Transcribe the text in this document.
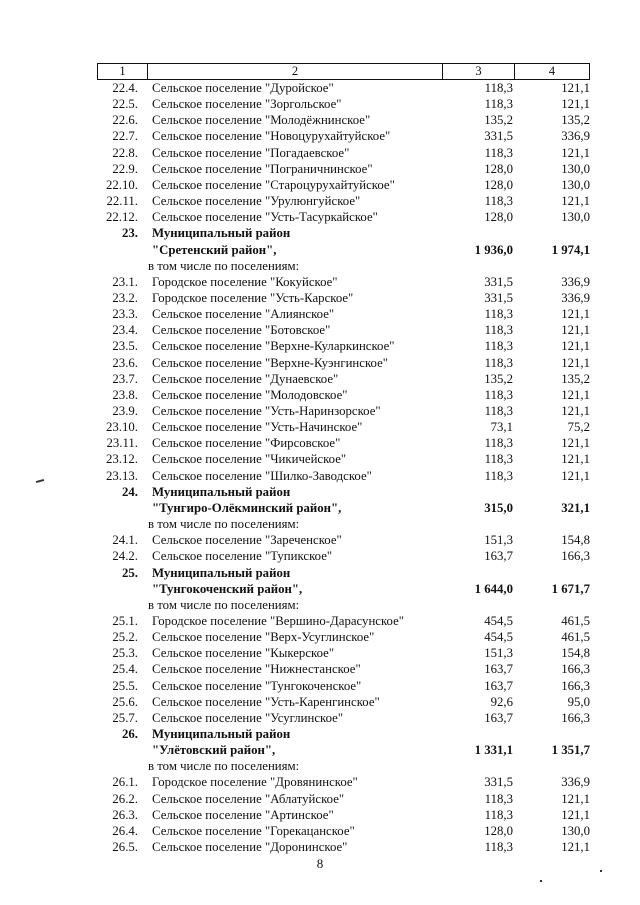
1	2	3	4
22.4. Сельское поселение "Дуройское"	118,3	121,1
22.5. Сельское поселение "Зоргольское"	118,3	121,1
22.6. Сельское поселение "Молодёжнинское"	135,2	135,2
22.7. Сельское поселение "Новоцурухайтуйское"	331,5	336,9
22.8. Сельское поселение "Погадаевское"	118,3	121,1
22.9. Сельское поселение "Пограничнинское"	128,0	130,0
22.10. Сельское поселение "Староцурухайтуйское"	128,0	130,0
22.11. Сельское поселение "Урулюнгуйское"	118,3	121,1
22.12. Сельское поселение "Усть-Тасуркайское"	128,0	130,0
23. Муниципальный район
"Сретенский район",	1 936,0	1 974,1
в том числе по поселениям:
23.1. Городское поселение "Кокуйское"	331,5	336,9
23.2. Городское поселение "Усть-Карское"	331,5	336,9
23.3. Сельское поселение "Алиянское"	118,3	121,1
23.4. Сельское поселение "Ботовское"	118,3	121,1
23.5. Сельское поселение "Верхне-Куларкинское"	118,3	121,1
23.6. Сельское поселение "Верхне-Куэнгинское"	118,3	121,1
23.7. Сельское поселение "Дунаевское"	135,2	135,2
23.8. Сельское поселение "Молодовское"	118,3	121,1
23.9. Сельское поселение "Усть-Наринзорское"	118,3	121,1
23.10. Сельское поселение "Усть-Начинское"	73,1	75,2
23.11. Сельское поселение "Фирсовское"	118,3	121,1
23.12. Сельское поселение "Чикичейское"	118,3	121,1
23.13. Сельское поселение "Шилко-Заводское"	118,3	121,1
24. Муниципальный район
"Тунгиро-Олёкминский район",	315,0	321,1
в том числе по поселениям:
24.1. Сельское поселение "Зареченское"	151,3	154,8
24.2. Сельское поселение "Тупикское"	163,7	166,3
25. Муниципальный район
"Тунгокоченский район",	1 644,0	1 671,7
в том числе по поселениям:
25.1. Городское поселение "Вершино-Дарасунское"	454,5	461,5
25.2. Сельское поселение "Верх-Усуглинское"	454,5	461,5
25.3. Сельское поселение "Кыкерское"	151,3	154,8
25.4. Сельское поселение "Нижнестанское"	163,7	166,3
25.5. Сельское поселение "Тунгокоченское"	163,7	166,3
25.6. Сельское поселение "Усть-Каренгинское"	92,6	95,0
25.7. Сельское поселение "Усуглинское"	163,7	166,3
26. Муниципальный район
"Улётовский район",	1 331,1	1 351,7
в том числе по поселениям:
26.1. Городское поселение "Дровянинское"	331,5	336,9
26.2. Сельское поселение "Аблатуйское"	118,3	121,1
26.3. Сельское поселение "Артинское"	118,3	121,1
26.4. Сельское поселение "Горекацанское"	128,0	130,0
26.5. Сельское поселение "Доронинское"	118,3	121,1
8
